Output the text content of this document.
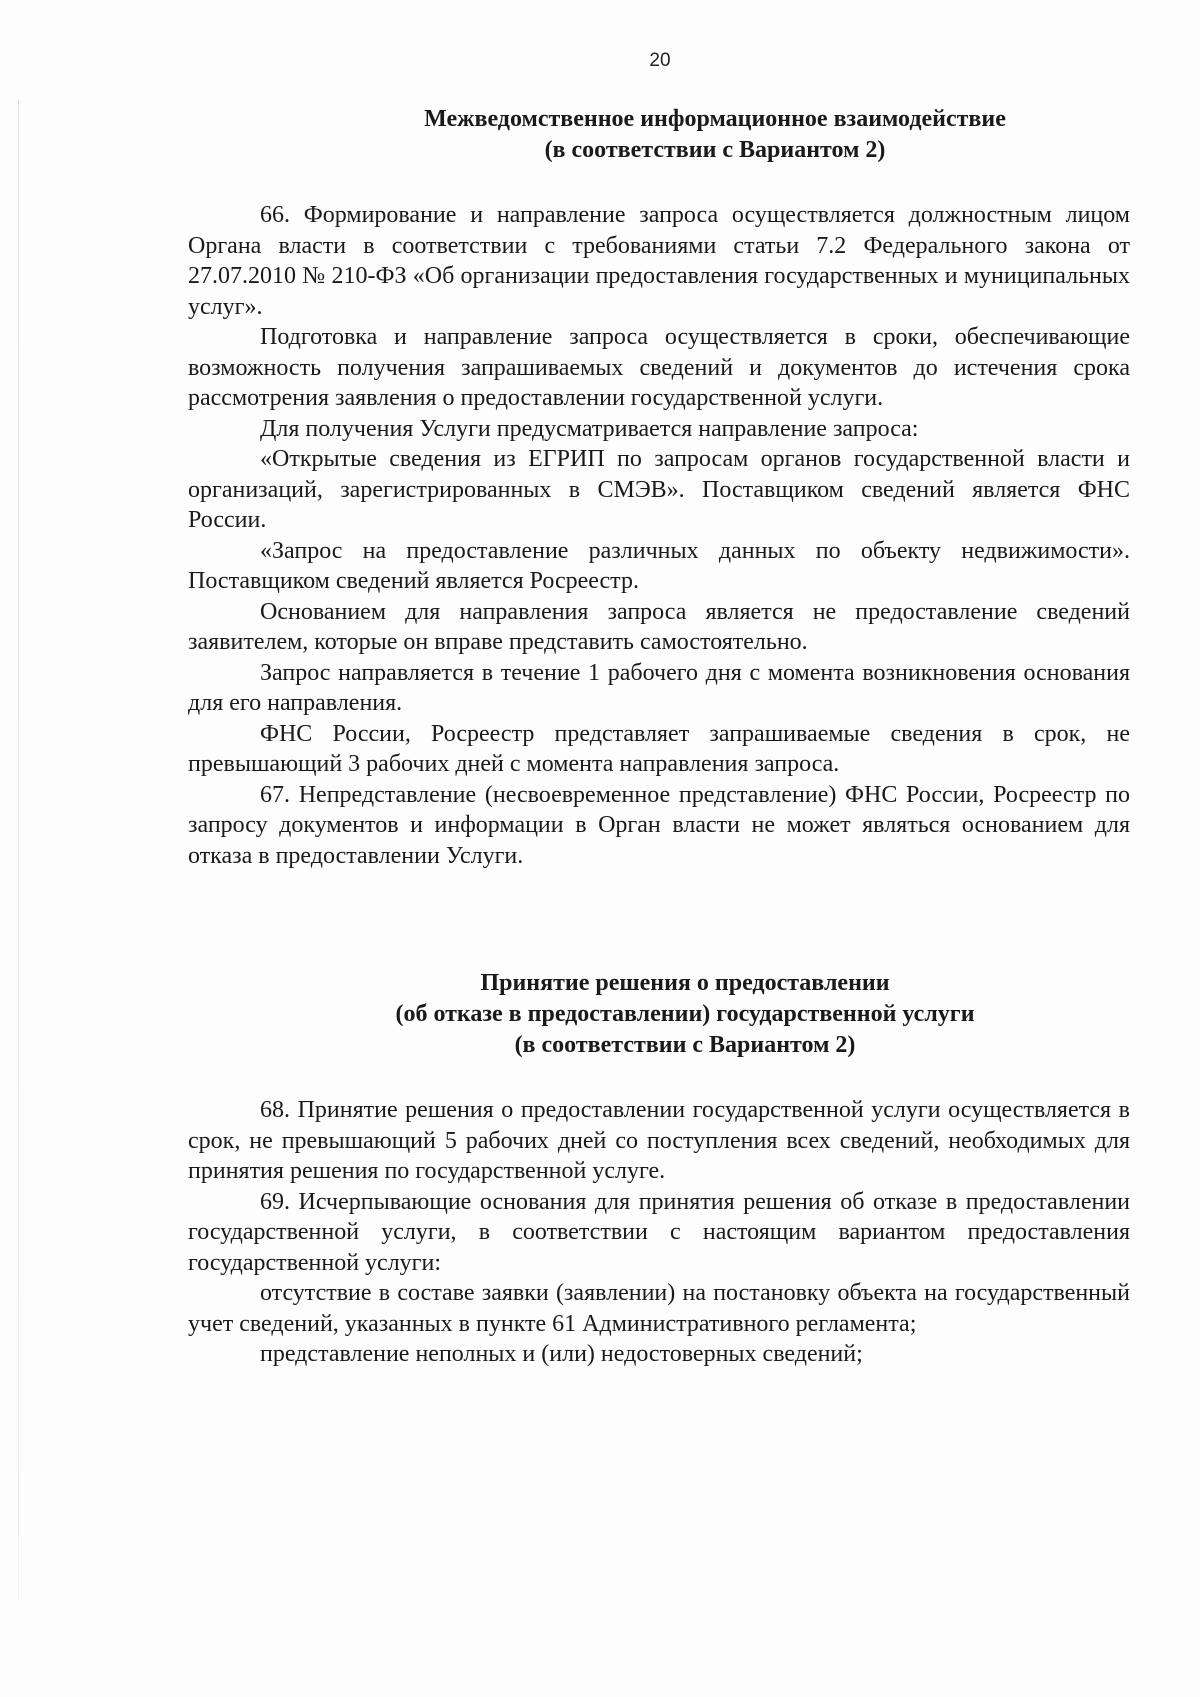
20

Межведомственное информационное взаимодействие
(в соответствии с Вариантом 2)

66. Формирование и направление запроса осуществляется должностным лицом Органа власти в соответствии с требованиями статьи 7.2 Федерального закона от 27.07.2010 № 210-ФЗ «Об организации предоставления государственных и муниципальных услуг».

Подготовка и направление запроса осуществляется в сроки, обеспечивающие возможность получения запрашиваемых сведений и документов до истечения срока рассмотрения заявления о предоставлении государственной услуги.

Для получения Услуги предусматривается направление запроса:

«Открытые сведения из ЕГРИП по запросам органов государственной власти и организаций, зарегистрированных в СМЭВ». Поставщиком сведений является ФНС России.

«Запрос на предоставление различных данных по объекту недвижимости». Поставщиком сведений является Росреестр.

Основанием для направления запроса является не предоставление сведений заявителем, которые он вправе представить самостоятельно.

Запрос направляется в течение 1 рабочего дня с момента возникновения основания для его направления.

ФНС России, Росреестр представляет запрашиваемые сведения в срок, не превышающий 3 рабочих дней с момента направления запроса.

67. Непредставление (несвоевременное представление) ФНС России, Росреестр по запросу документов и информации в Орган власти не может являться основанием для отказа в предоставлении Услуги.

Принятие решения о предоставлении
(об отказе в предоставлении) государственной услуги
(в соответствии с Вариантом 2)

68. Принятие решения о предоставлении государственной услуги осуществляется в срок, не превышающий 5 рабочих дней со поступления всех сведений, необходимых для принятия решения по государственной услуге.

69. Исчерпывающие основания для принятия решения об отказе в предоставлении государственной услуги, в соответствии с настоящим вариантом предоставления государственной услуги:

отсутствие в составе заявки (заявлении) на постановку объекта на государственный учет сведений, указанных в пункте 61 Административного регламента;

представление неполных и (или) недостоверных сведений;
